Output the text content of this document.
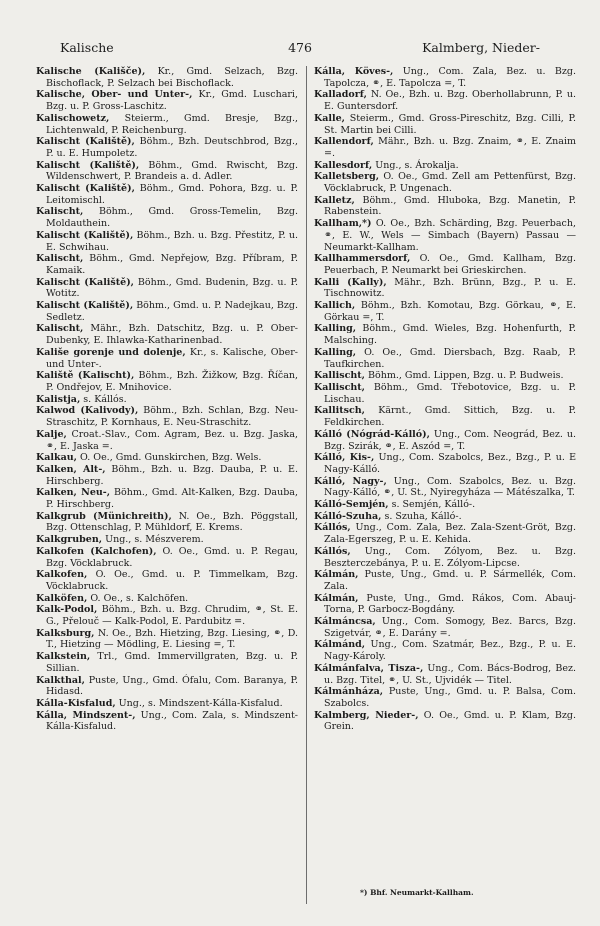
Kalische	476	Kalmberg, Nieder-

Kalische (Kališče), Kr., Gmd. Selzach, Bzg. Bischoflack, P. Selzach bei Bischoflack.

Kalische, Ober- und Unter-, Kr., Gmd. Luschari, Bzg. u. P. Gross-Laschitz.

Kalischowetz, Steierm., Gmd. Bresje, Bzg., Lichtenwald, P. Reichenburg.

Kalischt (Kaliště), Böhm., Bzh. Deutschbrod, Bzg., P. u. E. Humpoletz.

Kalischt (Kaliště), Böhm., Gmd. Rwischt, Bzg. Wildenschwert, P. Brandeis a. d. Adler.

Kalischt (Kaliště), Böhm., Gmd. Pohora, Bzg. u. P. Leitomischl.

Kalischt, Böhm., Gmd. Gross-Temelin, Bzg. Moldauthein.

Kalischt (Kaliště), Böhm., Bzh. u. Bzg. Přestitz, P. u. E. Schwihau.

Kalischt, Böhm., Gmd. Nepřejow, Bzg. Příbram, P. Kamaik.

Kalischt (Kaliště), Böhm., Gmd. Budenin, Bzg. u. P. Wotitz.

Kalischt (Kaliště), Böhm., Gmd. u. P. Nadejkau, Bzg. Sedletz.

Kalischt, Mähr., Bzh. Datschitz, Bzg. u. P. Ober-Dubenky, E. Ihlawka-Katharinenbad.

Kališe gorenje und dolenje, Kr., s. Kalische, Ober- und Unter-.

Kaliště (Kalischt), Böhm., Bzh. Žižkow, Bzg. Říčan, P. Ondřejov, E. Mnihovice.

Kalistja, s. Kállós.

Kalwod (Kalivody), Böhm., Bzh. Schlan, Bzg. Neu-Straschitz, P. Kornhaus, E. Neu-Straschitz.

Kalje, Croat.-Slav., Com. Agram, Bez. u. Bzg. Jaska, ⚭, E. Jaska =.

Kalkau, O. Oe., Gmd. Gunskirchen, Bzg. Wels.

Kalken, Alt-, Böhm., Bzh. u. Bzg. Dauba, P. u. E. Hirschberg.

Kalken, Neu-, Böhm., Gmd. Alt-Kalken, Bzg. Dauba, P. Hirschberg.

Kalkgrub (Münichreith), N. Oe., Bzh. Pöggstall, Bzg. Ottenschlag, P. Mühldorf, E. Krems.

Kalkgruben, Ung., s. Mészverem.

Kalkofen (Kalchofen), O. Oe., Gmd. u. P. Regau, Bzg. Vöcklabruck.

Kalkofen, O. Oe., Gmd. u. P. Timmelkam, Bzg. Vöcklabruck.

Kalköfen, O. Oe., s. Kalchöfen.

Kalk-Podol, Böhm., Bzh. u. Bzg. Chrudim, ⚭, St. E. G., Přelouč — Kalk-Podol, E. Pardubitz =.

Kalksburg, N. Oe., Bzh. Hietzing, Bzg. Liesing, ⚭, D. T., Hietzing — Mödling, E. Liesing =, T.

Kalkstein, Trl., Gmd. Immervillgraten, Bzg. u. P. Sillian.

Kalkthal, Puste, Ung., Gmd. Ófalu, Com. Baranya, P. Hidasd.

Kálla-Kisfalud, Ung., s. Mindszent-Kálla-Kisfalud.

Kálla, Mindszent-, Ung., Com. Zala, s. Mindszent-Kálla-Kisfalud.

Kálla, Köves-, Ung., Com. Zala, Bez. u. Bzg. Tapolcza, ⚭, E. Tapolcza =, T.

Kalladorf, N. Oe., Bzh. u. Bzg. Oberhollabrunn, P. u. E. Guntersdorf.

Kalle, Steierm., Gmd. Gross-Pireschitz, Bzg. Cilli, P. St. Martin bei Cilli.

Kallendorf, Mähr., Bzh. u. Bzg. Znaim, ⚭, E. Znaim =.

Kallesdorf, Ung., s. Árokalja.

Kalletsberg, O. Oe., Gmd. Zell am Pettenfürst, Bzg. Vöcklabruck, P. Ungenach.

Kalletz, Böhm., Gmd. Hluboka, Bzg. Manetin, P. Rabenstein.

Kallham,*) O. Oe., Bzh. Schärding, Bzg. Peuerbach, ⚭, E. W., Wels — Simbach (Bayern) Passau — Neumarkt-Kallham.

Kallhammersdorf, O. Oe., Gmd. Kallham, Bzg. Peuerbach, P. Neumarkt bei Grieskirchen.

Kalli (Kally), Mähr., Bzh. Brünn, Bzg., P. u. E. Tischnowitz.

Kallich, Böhm., Bzh. Komotau, Bzg. Görkau, ⚭, E. Görkau =, T.

Kalling, Böhm., Gmd. Wieles, Bzg. Hohenfurth, P. Malsching.

Kalling, O. Oe., Gmd. Diersbach, Bzg. Raab, P. Taufkirchen.

Kallischt, Böhm., Gmd. Lippen, Bzg. u. P. Budweis.

Kallischt, Böhm., Gmd. Třebotovice, Bzg. u. P. Lischau.

Kallitsch, Kärnt., Gmd. Sittich, Bzg. u. P. Feldkirchen.

Kálló (Nógrád-Kálló), Ung., Com. Neográd, Bez. u. Bzg. Szirák, ⚭, E. Aszód =, T.

Kálló, Kis-, Ung., Com. Szabolcs, Bez., Bzg., P. u. E Nagy-Kálló.

Kálló, Nagy-, Ung., Com. Szabolcs, Bez. u. Bzg. Nagy-Kálló, ⚭, U. St., Nyiregyháza — Mátészalka, T.

Kálló-Semjén, s. Semjén, Kálló-.

Kálló-Szuha, s. Szuha, Kálló-.

Kállós, Ung., Com. Zala, Bez. Zala-Szent-Gröt, Bzg. Zala-Egerszeg, P. u. E. Kehida.

Kállós, Ung., Com. Zólyom, Bez. u. Bzg. Beszterczebánya, P. u. E. Zólyom-Lipcse.

Kálmán, Puste, Ung., Gmd. u. P. Sármellék, Com. Zala.

Kálmán, Puste, Ung., Gmd. Rákos, Com. Abauj-Torna, P. Garbocz-Bogdány.

Kálmáncsa, Ung., Com. Somogy, Bez. Barcs, Bzg. Szigetvár, ⚭, E. Darány =.

Kálmánd, Ung., Com. Szatmár, Bez., Bzg., P. u. E. Nagy-Károly.

Kálmánfalva, Tisza-, Ung., Com. Bács-Bodrog, Bez. u. Bzg. Titel, ⚭, U. St., Ujvidék — Titel.

Kálmánháza, Puste, Ung., Gmd. u. P. Balsa, Com. Szabolcs.

Kalmberg, Nieder-, O. Oe., Gmd. u. P. Klam, Bzg. Grein.

*) Bhf. Neumarkt-Kallham.
